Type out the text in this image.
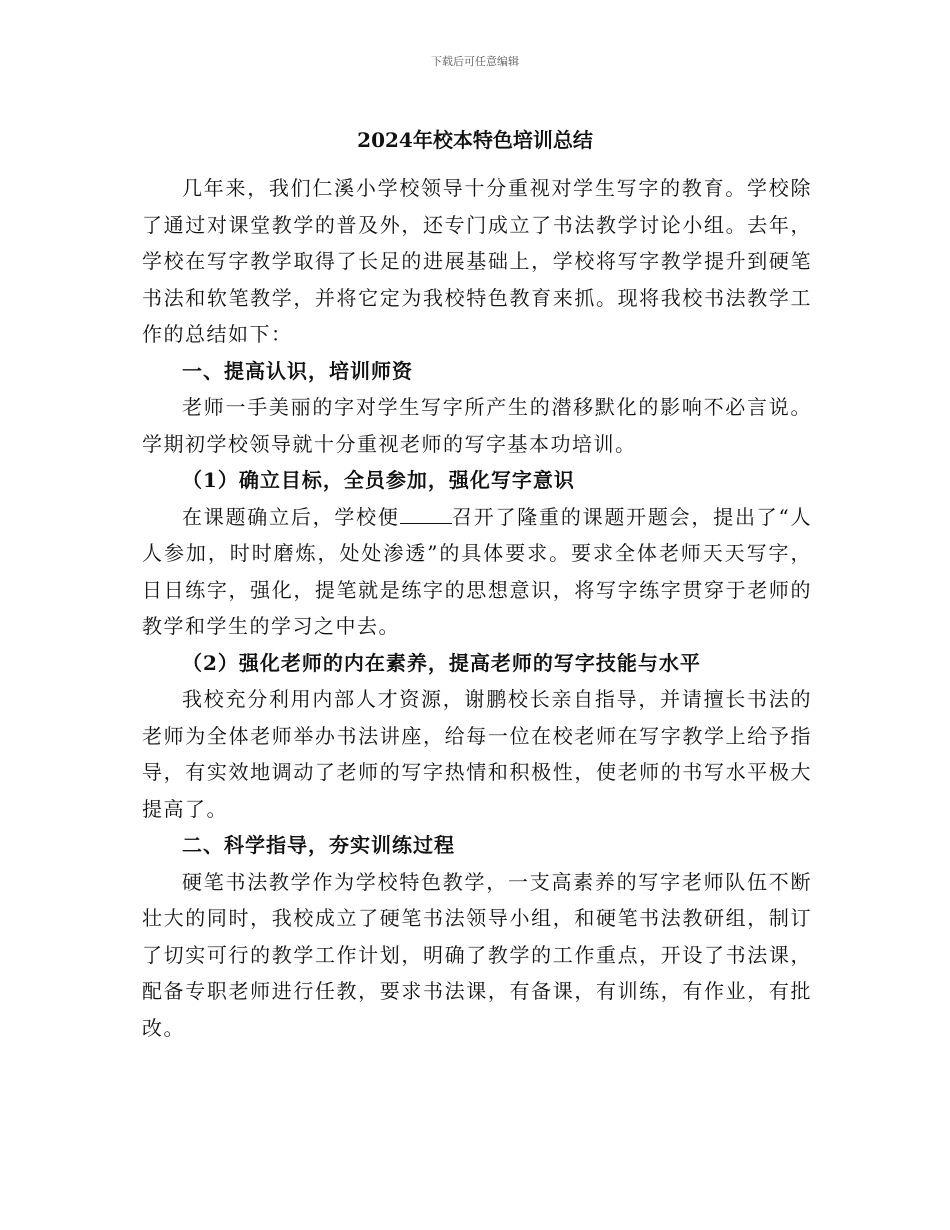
下载后可任意编辑
2024年校本特色培训总结

几年来，我们仁溪小学校领导十分重视对学生写字的教育。学校除了通过对课堂教学的普及外，还专门成立了书法教学讨论小组。去年，学校在写字教学取得了长足的进展基础上，学校将写字教学提升到硬笔书法和软笔教学，并将它定为我校特色教育来抓。现将我校书法教学工作的总结如下：

一、提高认识，培训师资

老师一手美丽的字对学生写字所产生的潜移默化的影响不必言说。学期初学校领导就十分重视老师的写字基本功培训。

（1）确立目标，全员参加，强化写字意识

在课题确立后，学校便	召开了隆重的课题开题会，提出了“人人参加，时时磨炼，处处渗透”的具体要求。要求全体老师天天写字，日日练字，强化，提笔就是练字的思想意识，将写字练字贯穿于老师的教学和学生的学习之中去。

（2）强化老师的内在素养，提高老师的写字技能与水平

我校充分利用内部人才资源，谢鹏校长亲自指导，并请擅长书法的老师为全体老师举办书法讲座，给每一位在校老师在写字教学上给予指导，有实效地调动了老师的写字热情和积极性，使老师的书写水平极大提高了。

二、科学指导，夯实训练过程

硬笔书法教学作为学校特色教学，一支高素养的写字老师队伍不断壮大的同时，我校成立了硬笔书法领导小组，和硬笔书法教研组，制订了切实可行的教学工作计划，明确了教学的工作重点，开设了书法课，配备专职老师进行任教，要求书法课，有备课，有训练，有作业，有批改。
